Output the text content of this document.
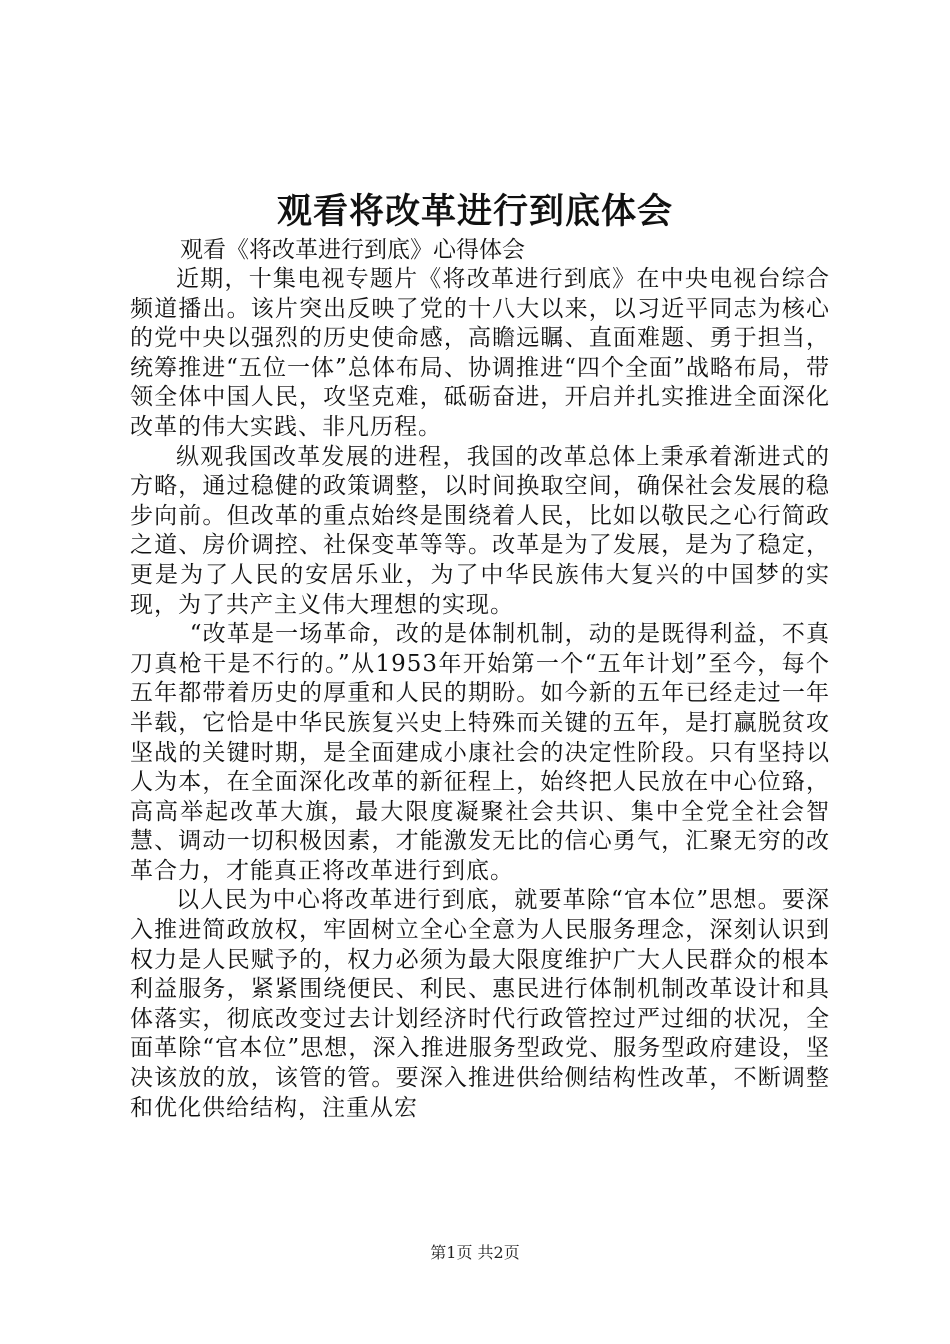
观看将改革进行到底体会

观看《将改革进行到底》心得体会

近期，十集电视专题片《将改革进行到底》在中央电视台综合频道播出。该片突出反映了党的十八大以来，以习近平同志为核心的党中央以强烈的历史使命感，高瞻远瞩、直面难题、勇于担当，统筹推进“五位一体”总体布局、协调推进“四个全面”战略布局，带领全体中国人民，攻坚克难，砥砺奋进，开启并扎实推进全面深化改革的伟大实践、非凡历程。

纵观我国改革发展的进程，我国的改革总体上秉承着渐进式的方略，通过稳健的政策调整，以时间换取空间，确保社会发展的稳步向前。但改革的重点始终是围绕着人民，比如以敬民之心行简政之道、房价调控、社保变革等等。改革是为了发展，是为了稳定，更是为了人民的安居乐业，为了中华民族伟大复兴的中国梦的实现，为了共产主义伟大理想的实现。

“改革是一场革命，改的是体制机制，动的是既得利益，不真刀真枪干是不行的。”从1953年开始第一个“五年计划”至今，每个五年都带着历史的厚重和人民的期盼。如今新的五年已经走过一年半载，它恰是中华民族复兴史上特殊而关键的五年，是打赢脱贫攻坚战的关键时期，是全面建成小康社会的决定性阶段。只有坚持以人为本，在全面深化改革的新征程上，始终把人民放在中心位臵，高高举起改革大旗，最大限度凝聚社会共识、集中全党全社会智慧、调动一切积极因素，才能激发无比的信心勇气，汇聚无穷的改革合力，才能真正将改革进行到底。

以人民为中心将改革进行到底，就要革除“官本位”思想。要深入推进简政放权，牢固树立全心全意为人民服务理念，深刻认识到权力是人民赋予的，权力必须为最大限度维护广大人民群众的根本利益服务，紧紧围绕便民、利民、惠民进行体制机制改革设计和具体落实，彻底改变过去计划经济时代行政管控过严过细的状况，全面革除“官本位”思想，深入推进服务型政党、服务型政府建设，坚决该放的放，该管的管。要深入推进供给侧结构性改革，不断调整和优化供给结构，注重从宏

第1页 共2页
